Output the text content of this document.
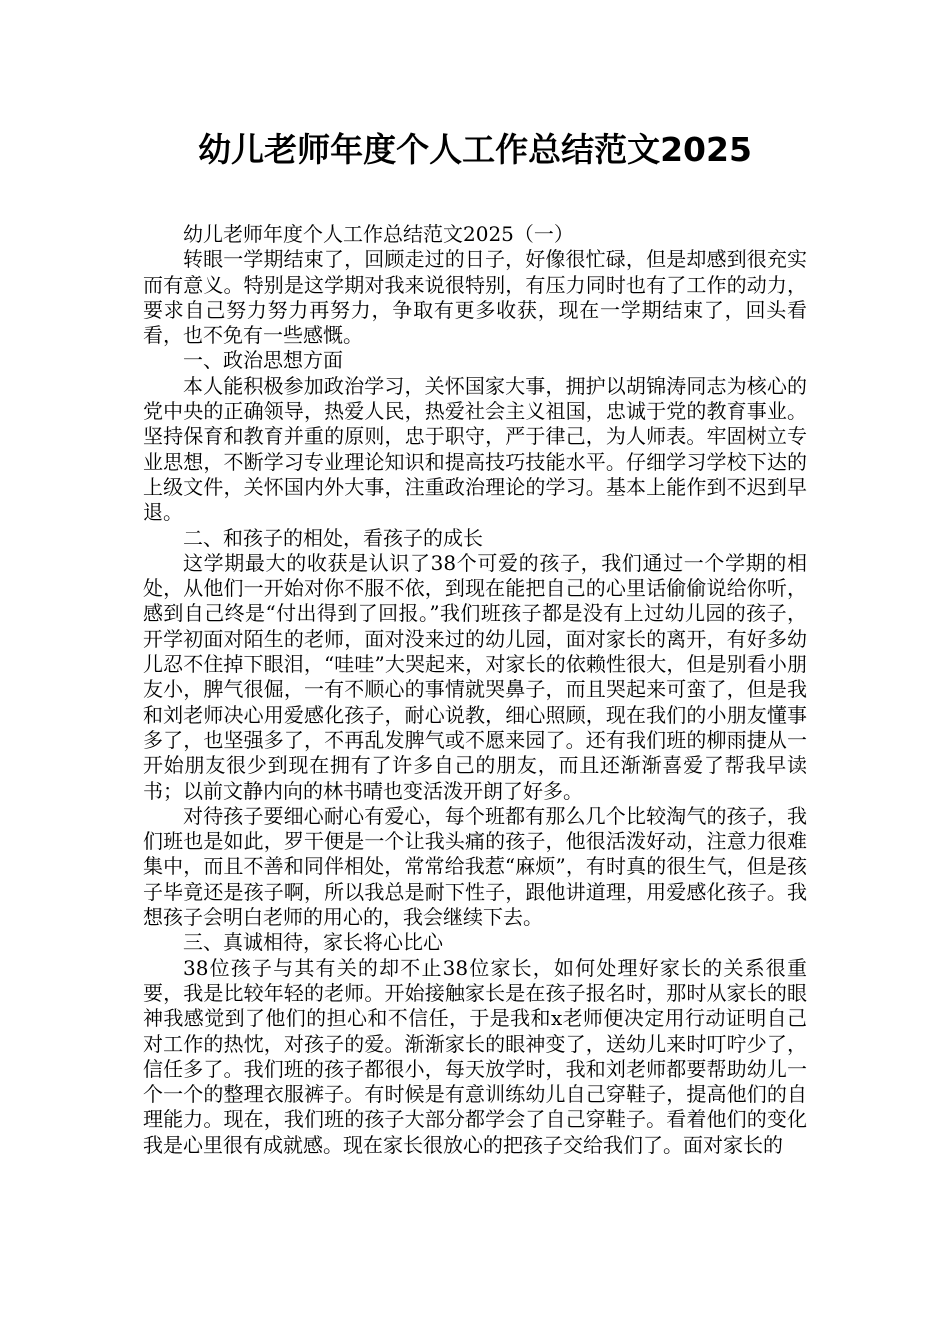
幼儿老师年度个人工作总结范文2025

幼儿老师年度个人工作总结范文2025（一）

转眼一学期结束了，回顾走过的日子，好像很忙碌，但是却感到很充实而有意义。特别是这学期对我来说很特别，有压力同时也有了工作的动力，要求自己努力努力再努力，争取有更多收获，现在一学期结束了，回头看看，也不免有一些感慨。

一、政治思想方面

本人能积极参加政治学习，关怀国家大事，拥护以胡锦涛同志为核心的党中央的正确领导，热爱人民，热爱社会主义祖国，忠诚于党的教育事业。坚持保育和教育并重的原则，忠于职守，严于律己，为人师表。牢固树立专业思想，不断学习专业理论知识和提高技巧技能水平。仔细学习学校下达的上级文件，关怀国内外大事，注重政治理论的学习。基本上能作到不迟到早退。

二、和孩子的相处，看孩子的成长

这学期最大的收获是认识了38个可爱的孩子，我们通过一个学期的相处，从他们一开始对你不服不依，到现在能把自己的心里话偷偷说给你听，感到自己终是“付出得到了回报。”我们班孩子都是没有上过幼儿园的孩子，开学初面对陌生的老师，面对没来过的幼儿园，面对家长的离开，有好多幼儿忍不住掉下眼泪，“哇哇”大哭起来，对家长的依赖性很大，但是别看小朋友小，脾气很倔，一有不顺心的事情就哭鼻子，而且哭起来可蛮了，但是我和刘老师决心用爱感化孩子，耐心说教，细心照顾，现在我们的小朋友懂事多了，也坚强多了，不再乱发脾气或不愿来园了。还有我们班的柳雨捷从一开始朋友很少到现在拥有了许多自己的朋友，而且还渐渐喜爱了帮我早读书；以前文静内向的林书晴也变活泼开朗了好多。

对待孩子要细心耐心有爱心，每个班都有那么几个比较淘气的孩子，我们班也是如此，罗干便是一个让我头痛的孩子，他很活泼好动，注意力很难集中，而且不善和同伴相处，常常给我惹“麻烦”，有时真的很生气，但是孩子毕竟还是孩子啊，所以我总是耐下性子，跟他讲道理，用爱感化孩子。我想孩子会明白老师的用心的，我会继续下去。

三、真诚相待，家长将心比心

38位孩子与其有关的却不止38位家长，如何处理好家长的关系很重要，我是比较年轻的老师。开始接触家长是在孩子报名时，那时从家长的眼神我感觉到了他们的担心和不信任，于是我和x老师便决定用行动证明自己对工作的热忱，对孩子的爱。渐渐家长的眼神变了，送幼儿来时叮咛少了，信任多了。我们班的孩子都很小，每天放学时，我和刘老师都要帮助幼儿一个一个的整理衣服裤子。有时候是有意训练幼儿自己穿鞋子，提高他们的自理能力。现在，我们班的孩子大部分都学会了自己穿鞋子。看着他们的变化我是心里很有成就感。现在家长很放心的把孩子交给我们了。面对家长的
